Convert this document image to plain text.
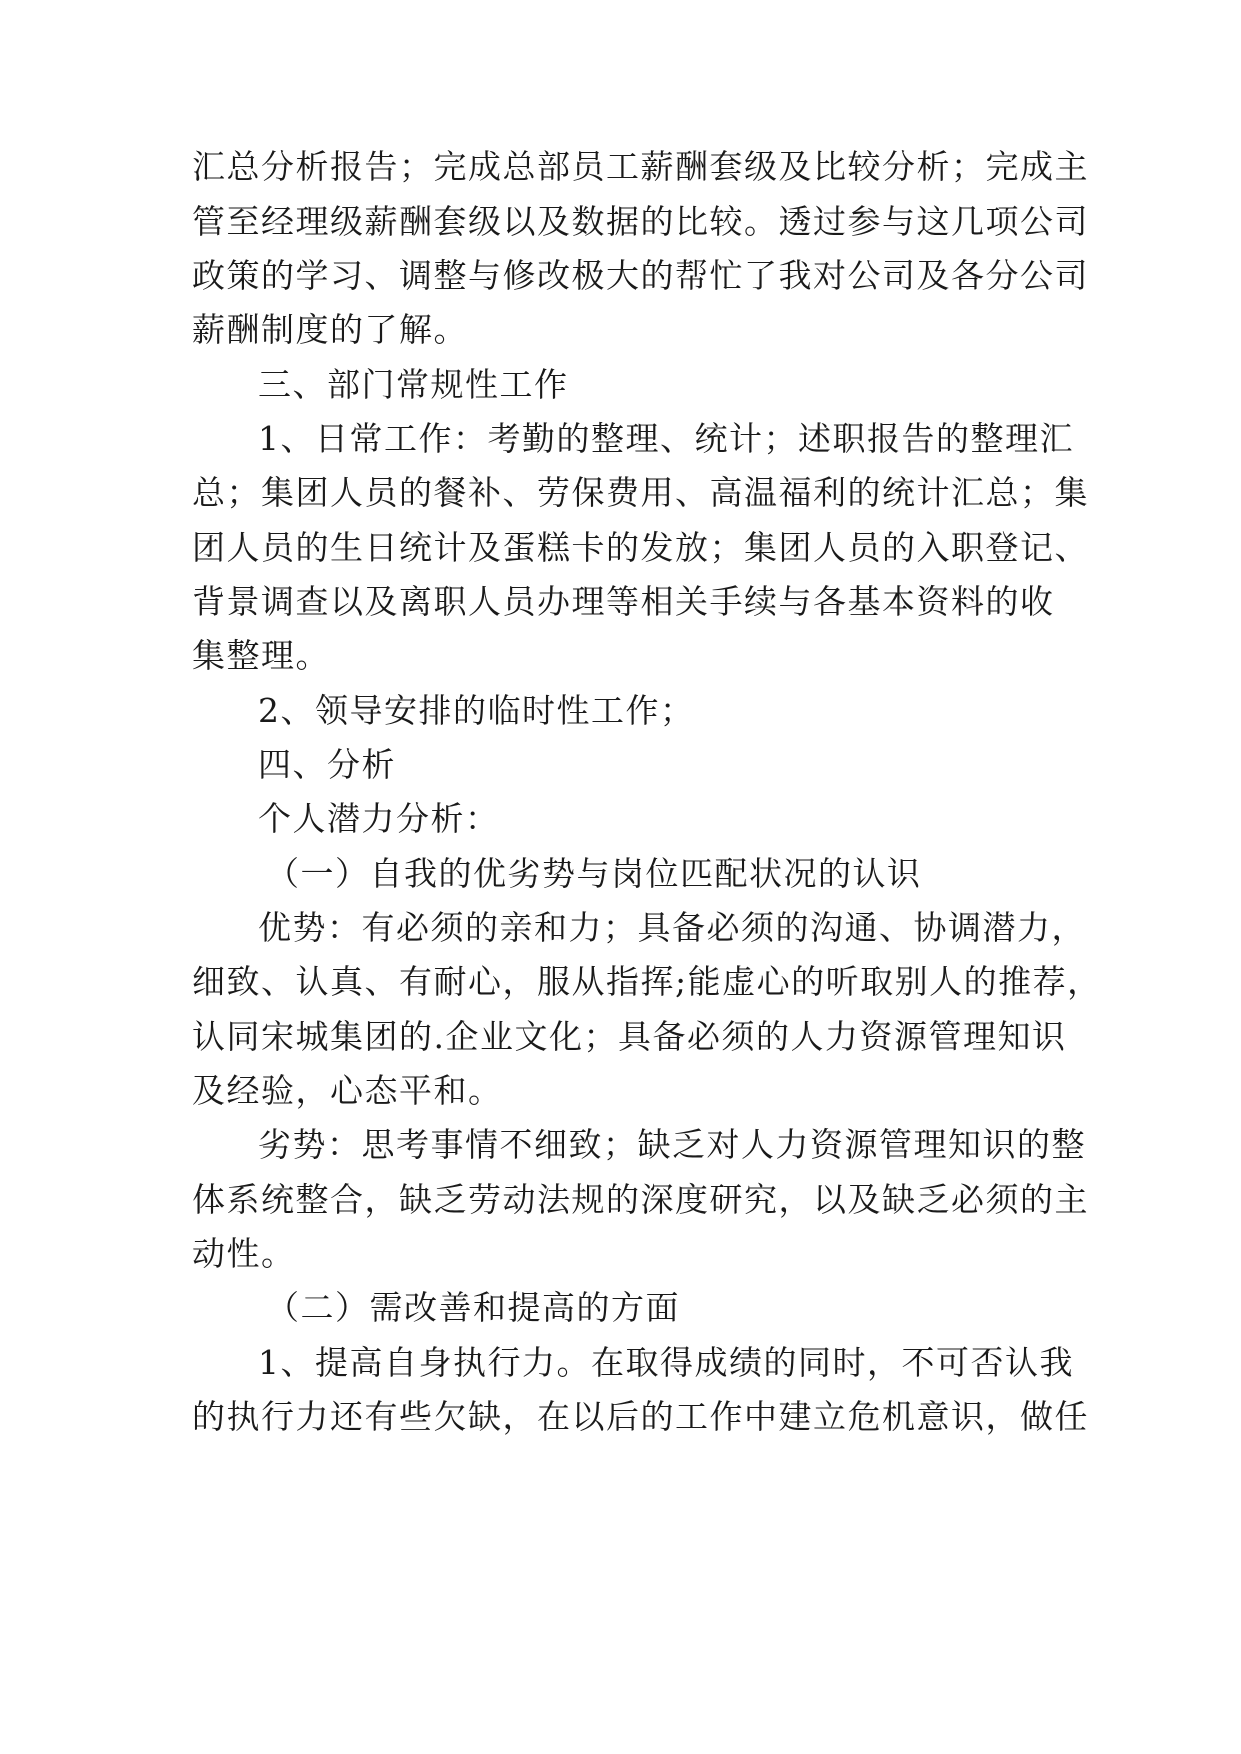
汇总分析报告；完成总部员工薪酬套级及比较分析；完成主
管至经理级薪酬套级以及数据的比较。透过参与这几项公司
政策的学习、调整与修改极大的帮忙了我对公司及各分公司
薪酬制度的了解。
三、部门常规性工作
1、日常工作：考勤的整理、统计；述职报告的整理汇
总；集团人员的餐补、劳保费用、高温福利的统计汇总；集
团人员的生日统计及蛋糕卡的发放；集团人员的入职登记、
背景调查以及离职人员办理等相关手续与各基本资料的收
集整理。
2、领导安排的临时性工作；
四、分析
个人潜力分析：
（一）自我的优劣势与岗位匹配状况的认识
优势：有必须的亲和力；具备必须的沟通、协调潜力，
细致、认真、有耐心，服从指挥;能虚心的听取别人的推荐，
认同宋城集团的.企业文化；具备必须的人力资源管理知识
及经验，心态平和。
劣势：思考事情不细致；缺乏对人力资源管理知识的整
体系统整合，缺乏劳动法规的深度研究，以及缺乏必须的主
动性。
（二）需改善和提高的方面
1、提高自身执行力。在取得成绩的同时，不可否认我
的执行力还有些欠缺，在以后的工作中建立危机意识，做任
